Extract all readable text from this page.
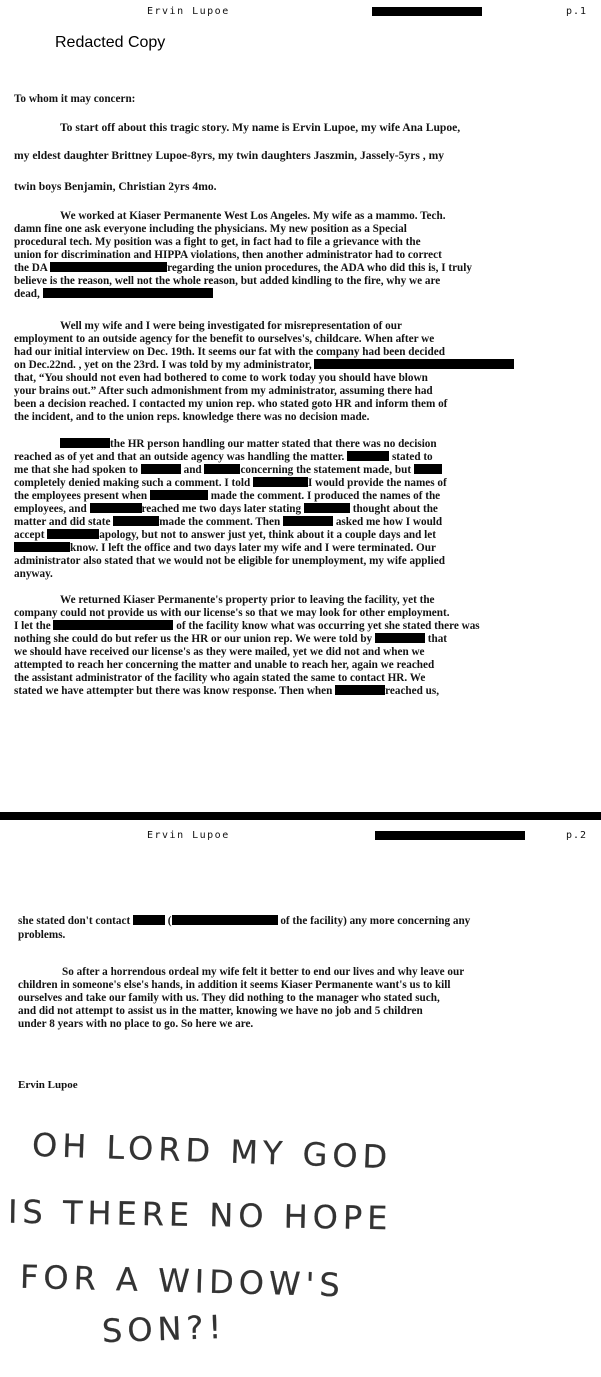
Ervin Lupoe	p.1
Redacted Copy
To whom it may concern:
To start off about this tragic story. My name is Ervin Lupoe, my wife Ana Lupoe,
my eldest daughter Brittney Lupoe-8yrs, my twin daughters Jaszmin, Jassely-5yrs , my
twin boys Benjamin, Christian 2yrs 4mo.
We worked at Kiaser Permanente West Los Angeles. My wife as a mammo. Tech.
damn fine one ask everyone including the physicians. My new position as a Special
procedural tech. My position was a fight to get, in fact had to file a grievance with the
union for discrimination and HIPPA violations, then another administrator had to correct
the DA	regarding the union procedures, the ADA who did this is, I truly
believe is the reason, well not the whole reason, but added kindling to the fire, why we are
dead,
Well my wife and I were being investigated for misrepresentation of our
employment to an outside agency for the benefit to ourselves's, childcare. When after we
had our initial interview on Dec. 19th. It seems our fat with the company had been decided
on Dec.22nd. , yet on the 23rd. I was told by my administrator,
that, “You should not even had bothered to come to work today you should have blown
your brains out.” After such admonishment from my administrator, assuming there had
been a decision reached. I contacted my union rep. who stated goto HR and inform them of
the incident, and to the union reps. knowledge there was no decision made.
the HR person handling our matter stated that there was no decision
reached as of yet and that an outside agency was handling the matter.	stated to
me that she had spoken to	and	concerning the statement made, but
completely denied making such a comment. I told	I would provide the names of
the employees present when	made the comment. I produced the names of the
employees, and	reached me two days later stating	thought about the
matter and did state	made the comment. Then	asked me how I would
accept	apology, but not to answer just yet, think about it a couple days and let
know. I left the office and two days later my wife and I were terminated. Our
administrator also stated that we would not be eligible for unemployment, my wife applied
anyway.
We returned Kiaser Permanente's property prior to leaving the facility, yet the
company could not provide us with our license's so that we may look for other employment.
I let the	of the facility know what was occurring yet she stated there was
nothing she could do but refer us the HR or our union rep. We were told by	that
we should have received our license's as they were mailed, yet we did not and when we
attempted to reach her concerning the matter and unable to reach her, again we reached
the assistant administrator of the facility who again stated the same to contact HR. We
stated we have attempter but there was know response. Then when	reached us,
Ervin Lupoe	p.2
she stated don't contact	(	of the facility) any more concerning any
problems.
So after a horrendous ordeal my wife felt it better to end our lives and why leave our
children in someone's else's hands, in addition it seems Kiaser Permanente want's us to kill
ourselves and take our family with us. They did nothing to the manager who stated such,
and did not attempt to assist us in the matter, knowing we have no job and 5 children
under 8 years with no place to go. So here we are.
Ervin Lupoe
OH LORD MY GOD
IS THERE NO HOPE
FOR A WIDOW'S
SON?!
